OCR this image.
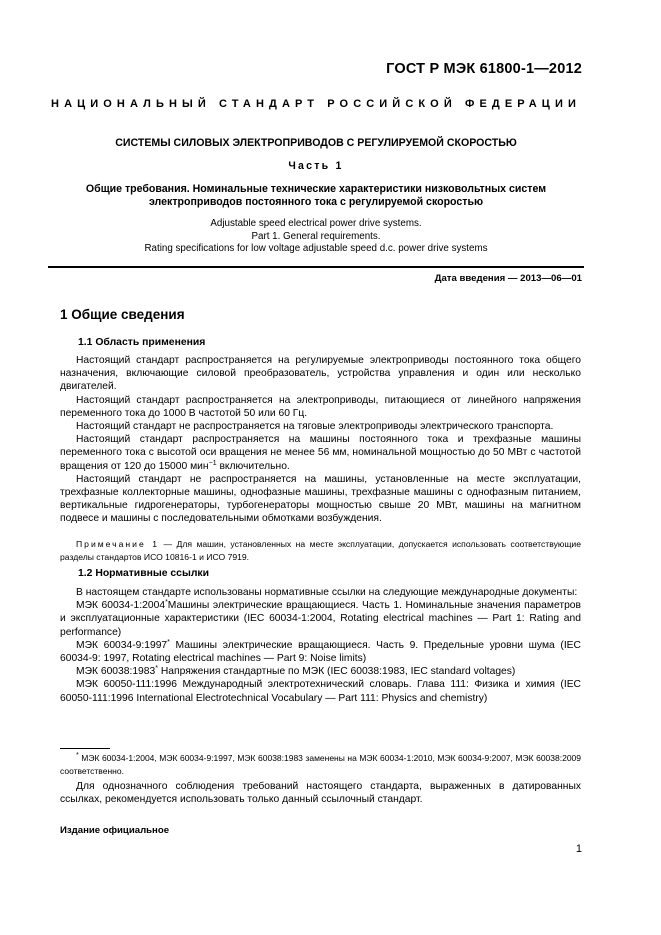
ГОСТ Р МЭК 61800-1—2012
НАЦИОНАЛЬНЫЙ СТАНДАРТ РОССИЙСКОЙ ФЕДЕРАЦИИ
СИСТЕМЫ СИЛОВЫХ ЭЛЕКТРОПРИВОДОВ С РЕГУЛИРУЕМОЙ СКОРОСТЬЮ
Часть 1
Общие требования. Номинальные технические характеристики низковольтных систем
электроприводов постоянного тока с регулируемой скоростью
Adjustable speed electrical power drive systems.
Part 1. General requirements.
Rating specifications for low voltage adjustable speed d.c. power drive systems
Дата введения — 2013—06—01
1 Общие сведения
1.1 Область применения

Настоящий стандарт распространяется на регулируемые электроприводы постоянного тока общего назначения, включающие силовой преобразователь, устройства управления и один или несколько двигателей.

Настоящий стандарт распространяется на электроприводы, питающиеся от линейного напряжения переменного тока до 1000 В частотой 50 или 60 Гц.

Настоящий стандарт не распространяется на тяговые электроприводы электрического транспорта.

Настоящий стандарт распространяется на машины постоянного тока и трехфазные машины переменного тока с высотой оси вращения не менее 56 мм, номинальной мощностью до 50 МВт с частотой вращения от 120 до 15000 мин$^{-1}$ включительно.

Настоящий стандарт не распространяется на машины, установленные на месте эксплуатации, трехфазные коллекторные машины, однофазные машины, трехфазные машины с однофазным питанием, вертикальные гидрогенераторы, турбогенераторы мощностью свыше 20 МВт, машины на магнитном подвесе и машины с последовательными обмотками возбуждения.

Примечание 1 — Для машин, установленных на месте эксплуатации, допускается использовать соответствующие разделы стандартов ИСО 10816-1 и ИСО 7919.

1.2 Нормативные ссылки

В настоящем стандарте использованы нормативные ссылки на следующие международные документы:

МЭК 60034-1:2004*Машины электрические вращающиеся. Часть 1. Номинальные значения параметров и эксплуатационные характеристики (IEC 60034-1:2004, Rotating electrical machines — Part 1: Rating and performance)

МЭК 60034-9:1997* Машины электрические вращающиеся. Часть 9. Предельные уровни шума (IEC 60034-9: 1997, Rotating electrical machines — Part 9: Noise limits)

МЭК 60038:1983* Напряжения стандартные по МЭК (IEC 60038:1983, IEC standard voltages)

МЭК 60050-111:1996 Международный электротехнический словарь. Глава 111: Физика и химия (IEC 60050-111:1996 International Electrotechnical Vocabulary — Part 111: Physics and chemistry)

* МЭК 60034-1:2004, МЭК 60034-9:1997, МЭК 60038:1983 заменены на МЭК 60034-1:2010, МЭК 60034-9:2007, МЭК 60038:2009 соответственно.

Для однозначного соблюдения требований настоящего стандарта, выраженных в датированных ссылках, рекомендуется использовать только данный ссылочный стандарт.

Издание официальное
1
